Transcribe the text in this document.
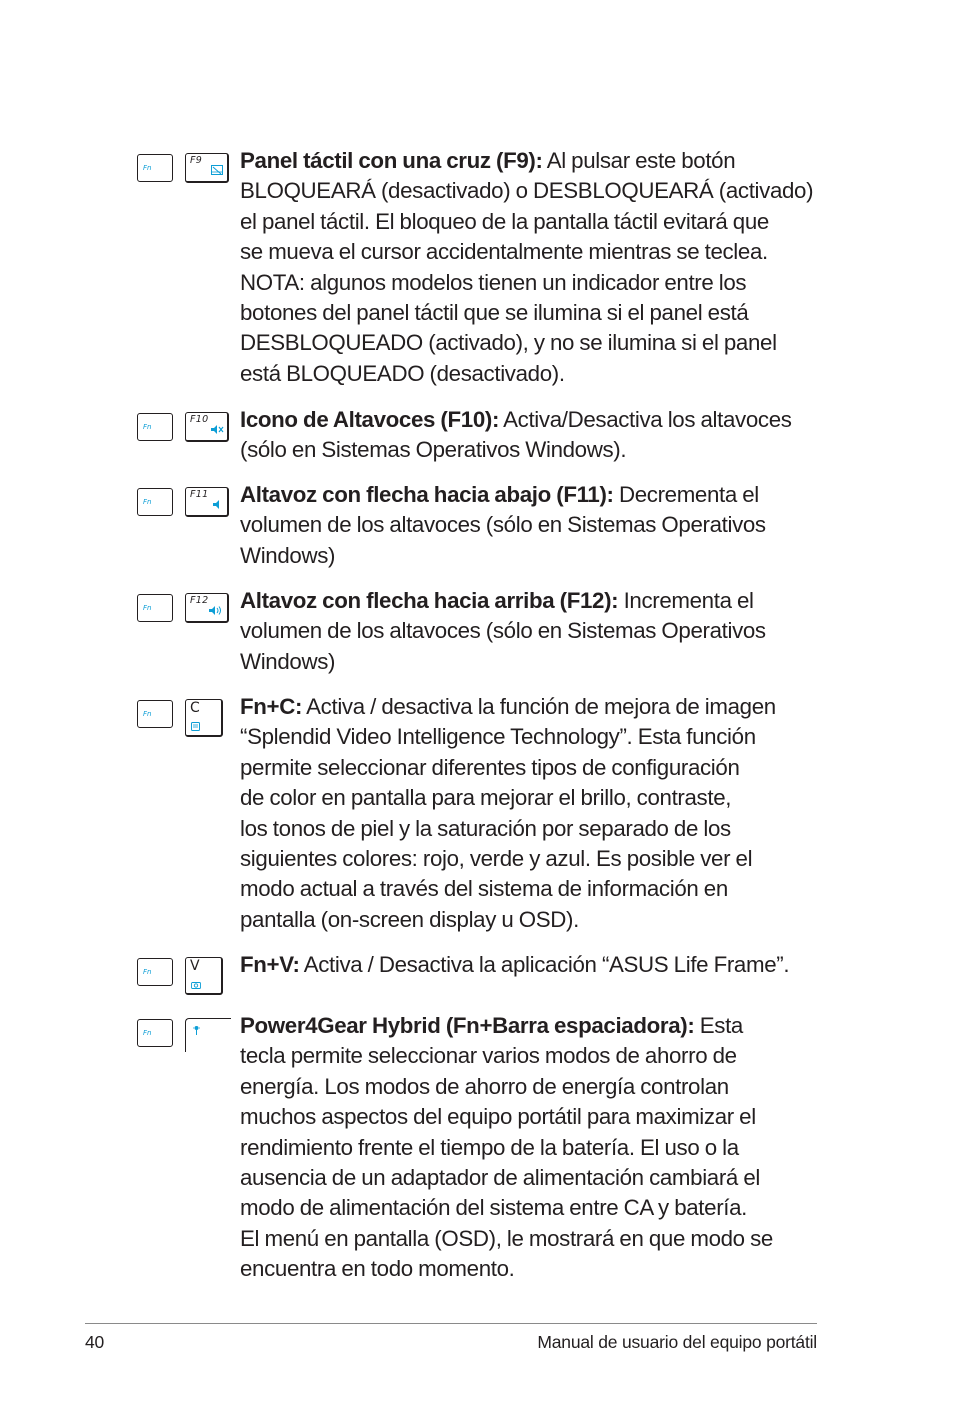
Fn
F9 Panel táctil con una cruz (F9): Al pulsar este botón
BLOQUEARÁ (desactivado) o DESBLOQUEARÁ (activado)
el panel táctil. El bloqueo de la pantalla táctil evitará que
se mueva el cursor accidentalmente mientras se teclea.
NOTA: algunos modelos tienen un indicador entre los
botones del panel táctil que se ilumina si el panel está
DESBLOQUEADO (activado), y no se ilumina si el panel
está BLOQUEADO (desactivado).
Fn
F10 Icono de Altavoces (F10): Activa/Desactiva los altavoces
(sólo en Sistemas Operativos Windows).
Fn
F11 Altavoz con flecha hacia abajo (F11): Decrementa el
volumen de los altavoces (sólo en Sistemas Operativos
Windows)
Fn
F12 Altavoz con flecha hacia arriba (F12): Incrementa el
volumen de los altavoces (sólo en Sistemas Operativos
Windows)
Fn	C Fn+C: Activa / desactiva la función de mejora de imagen
“Splendid Video Intelligence Technology”. Esta función
permite seleccionar diferentes tipos de configuración
de color en pantalla para mejorar el brillo, contraste,
los tonos de piel y la saturación por separado de los
siguientes colores: rojo, verde y azul. Es posible ver el
modo actual a través del sistema de información en
pantalla (on-screen display u OSD).
Fn	V Fn+V: Activa / Desactiva la aplicación “ASUS Life Frame”.
Fn	Power4Gear Hybrid (Fn+Barra espaciadora): Esta
tecla permite seleccionar varios modos de ahorro de
energía. Los modos de ahorro de energía controlan
muchos aspectos del equipo portátil para maximizar el
rendimiento frente el tiempo de la batería. El uso o la
ausencia de un adaptador de alimentación cambiará el
modo de alimentación del sistema entre CA y batería.
El menú en pantalla (OSD), le mostrará en que modo se
encuentra en todo momento.
40	Manual de usuario del equipo portátil
